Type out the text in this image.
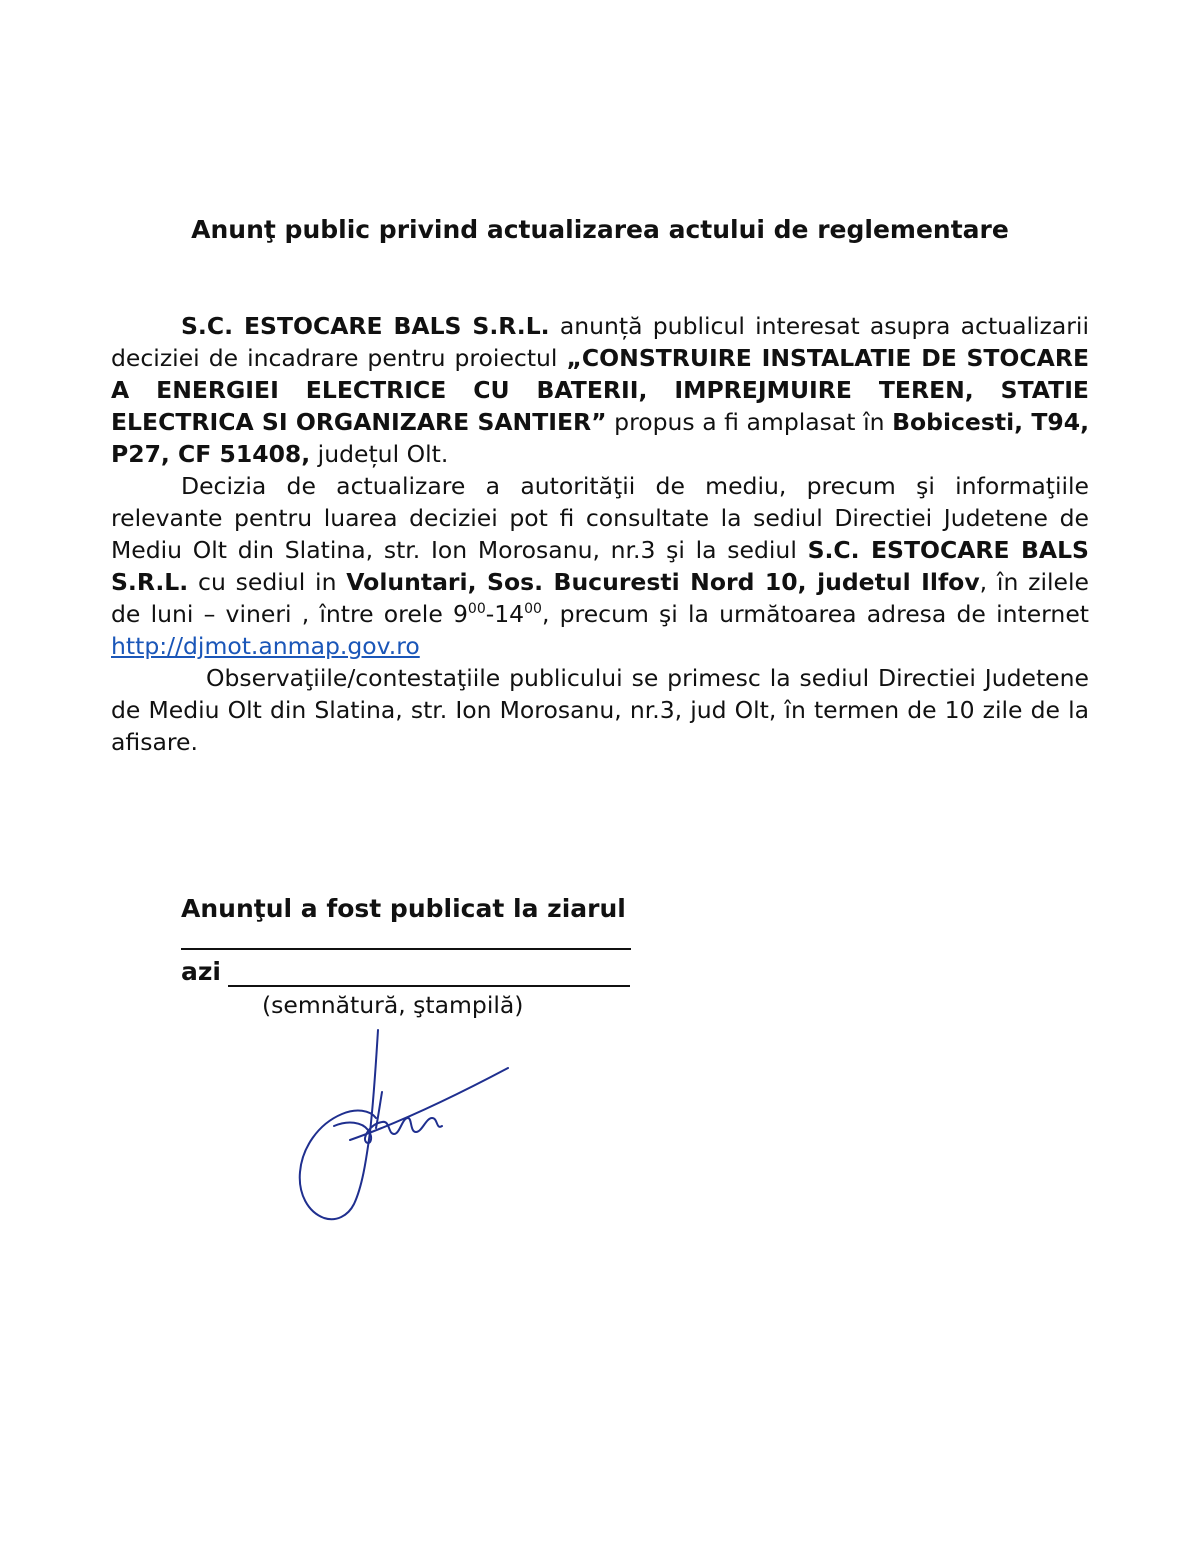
Anunţ public privind actualizarea actului de reglementare

S.C. ESTOCARE BALS S.R.L. anunță publicul interesat asupra actualizarii deciziei de incadrare pentru proiectul „CONSTRUIRE INSTALATIE DE STOCARE A ENERGIEI ELECTRICE CU BATERII, IMPREJMUIRE TEREN, STATIE ELECTRICA SI ORGANIZARE SANTIER” propus a fi amplasat în Bobicesti, T94, P27, CF 51408, județul Olt.

Decizia de actualizare a autorităţii de mediu, precum şi informaţiile relevante pentru luarea deciziei pot fi consultate la sediul Directiei Judetene de Mediu Olt din Slatina, str. Ion Morosanu, nr.3 şi la sediul S.C. ESTOCARE BALS S.R.L. cu sediul in Voluntari, Sos. Bucuresti Nord 10, judetul Ilfov, în zilele de luni – vineri , între orele $9^{00}-14^{00}$, precum şi la următoarea adresa de internet http://djmot.anmap.gov.ro

Observaţiile/contestaţiile publicului se primesc la sediul Directiei Judetene de Mediu Olt din Slatina, str. Ion Morosanu, nr.3, jud Olt, în termen de 10 zile de la afisare.

Anunţul a fost publicat la ziarul
azi
(semnătură, ştampilă)
